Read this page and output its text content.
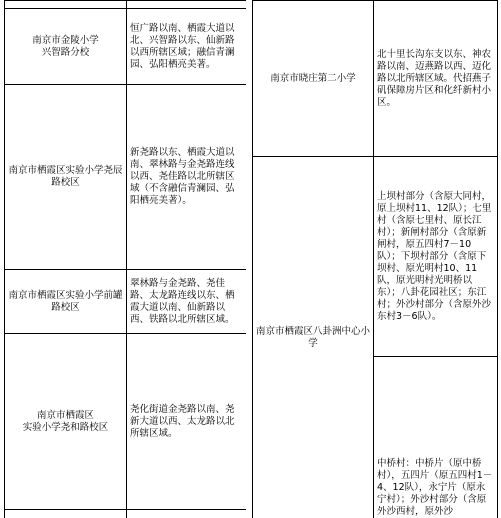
南京市金陵小学
兴智路分校	恒广路以南、栖霞大道以北、兴智路以东、仙新路以西所辖区域；融信青澜园、弘阳栖亮美著。
南京市栖霞区实验小学尧辰路校区	新尧路以东、栖霞大道以南、翠林路与金尧路连线以西、尧佳路以北所辖区域（不含融信青澜园、弘阳栖亮美著）。
南京市栖霞区实验小学前罐路校区	翠林路与金尧路、尧佳路、太龙路连线以东、栖霞大道以南、仙新路以西、铁路以北所辖区域。
南京市栖霞区
实验小学尧和路校区	尧化街道金尧路以南、尧新大道以西、太龙路以北所辖区域。

南京市晓庄第二小学	北十里长沟东支以东、神农路以南、迈燕路以西、迈化路以北所辖区域。代招燕子矶保障房片区和化纤新村小区。
南京市栖霞区八卦洲中心小学	上坝村部分（含原大同村，原上坝村11、12队）；七里村（含原七里村、原长江村）；新闸村部分（含原新闸村，原五四村7－10队）；下坝村部分（含原下坝村、原光明村10、11队，原光明村光明桥以东）；八卦花园社区；东江村；外沙村部分（含原外沙东村3－6队）。
	中桥村：中桥片（原中桥村），五四片（原五四村1－4、12队），永宁片（原永宁村）；外沙村部分（含原外沙西村，原外沙
